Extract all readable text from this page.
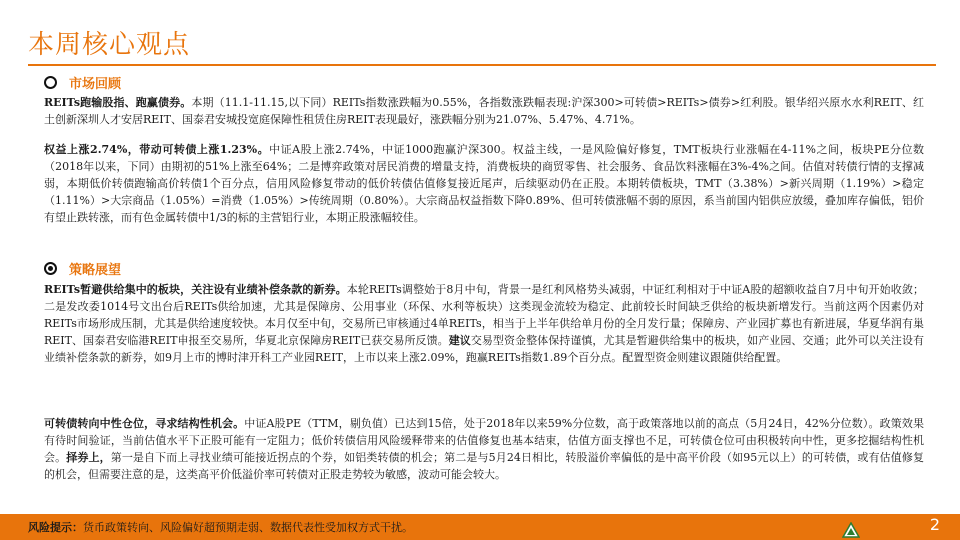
本周核心观点
市场回顾

REITs跑输股指、跑赢债券。本期（11.1-11.15,以下同）REITs指数涨跌幅为0.55%，各指数涨跌幅表现:沪深300>可转债>REITs>债券>红利股。银华绍兴原水水利REIT、红土创新深圳人才安居REIT、国泰君安城投宽庭保障性租赁住房REIT表现最好，涨跌幅分别为21.07%、5.47%、4.71%。

权益上涨2.74%，带动可转债上涨1.23%。中证A股上涨2.74%，中证1000跑赢沪深300。权益主线，一是风险偏好修复，TMT板块行业涨幅在4-11%之间，板块PE分位数（2018年以来，下同）由期初的51%上涨至64%；二是博弈政策对居民消费的增量支持，消费板块的商贸零售、社会服务、食品饮料涨幅在3%-4%之间。估值对转债行情的支撑减弱，本期低价转债跑输高价转债1个百分点，信用风险修复带动的低价转债估值修复接近尾声，后续驱动仍在正股。本期转债板块，TMT（3.38%）>新兴周期（1.19%）>稳定（1.11%）>大宗商品（1.05%）=消费（1.05%）>传统周期（0.80%）。大宗商品权益指数下降0.89%、但可转债涨幅不弱的原因，系当前国内铝供应放缓，叠加库存偏低，铝价有望止跌转涨，而有色金属转债中1/3的标的主营铝行业，本期正股涨幅较佳。

策略展望

REITs暂避供给集中的板块，关注设有业绩补偿条款的新券。本轮REITs调整始于8月中旬，背景一是红利风格势头减弱，中证红利相对于中证A股的超额收益自7月中旬开始收敛；二是发改委1014号文出台后REITs供给加速，尤其是保障房、公用事业（环保、水利等板块）这类现金流较为稳定、此前较长时间缺乏供给的板块新增发行。当前这两个因素仍对REITs市场形成压制，尤其是供给速度较快。本月仅至中旬，交易所已审核通过4单REITs，相当于上半年供给单月份的全月发行量；保障房、产业园扩募也有新进展，华夏华润有巢REIT、国泰君安临港REIT申报至交易所，华夏北京保障房REIT已获交易所反馈。建议交易型资金整体保持谨慎，尤其是暂避供给集中的板块，如产业园、交通；此外可以关注设有业绩补偿条款的新券，如9月上市的博时津开科工产业园REIT，上市以来上涨2.09%，跑赢REITs指数1.89个百分点。配置型资金则建议跟随供给配置。

可转债转向中性仓位，寻求结构性机会。中证A股PE（TTM，剔负值）已达到15倍，处于2018年以来59%分位数，高于政策落地以前的高点（5月24日，42%分位数）。政策效果有待时间验证，当前估值水平下正股可能有一定阻力；低价转债信用风险缓释带来的估值修复也基本结束，估值方面支撑也不足，可转债仓位可由积极转向中性，更多挖掘结构性机会。择券上，第一是自下而上寻找业绩可能接近拐点的个券，如铝类转债的机会；第二是与5月24日相比，转股溢价率偏低的是中高平价段（如95元以上）的可转债，或有估值修复的机会，但需要注意的是，这类高平价低溢价率可转债对正股走势较为敏感，波动可能会较大。

风险提示：货币政策转向、风险偏好超预期走弱、数据代表性受加权方式干扰。	2
